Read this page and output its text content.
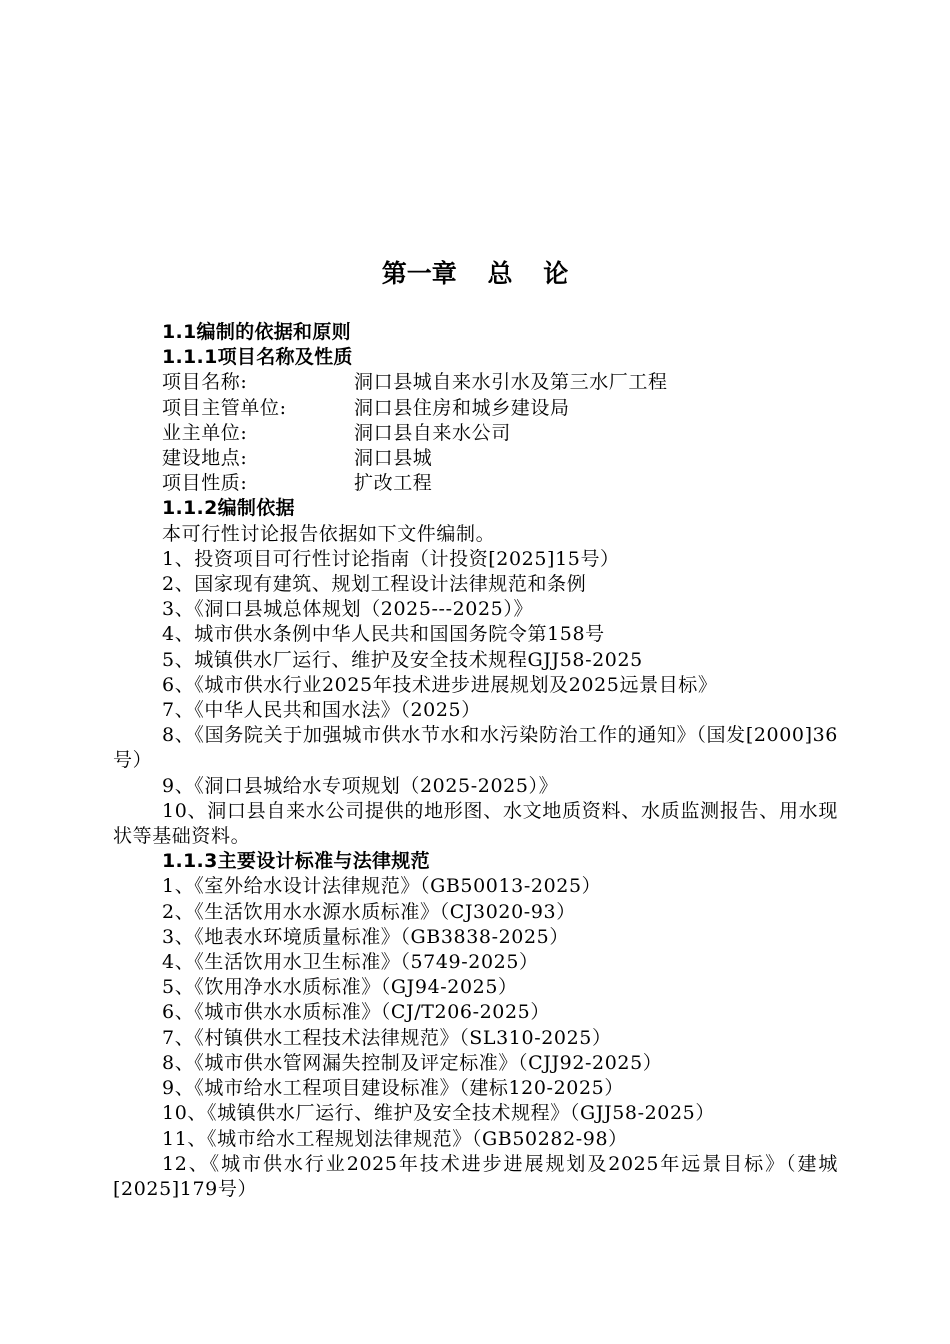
第一章 总 论

1.1编制的依据和原则

1.1.1项目名称及性质

项目名称:	洞口县城自来水引水及第三水厂工程

项目主管单位:	洞口县住房和城乡建设局

业主单位:	洞口县自来水公司

建设地点:	洞口县城

项目性质:	扩改工程

1.1.2编制依据

本可行性讨论报告依据如下文件编制。

1、投资项目可行性讨论指南（计投资[2025]15号）

2、国家现有建筑、规划工程设计法律规范和条例

3、《洞口县城总体规划（2025---2025）》

4、城市供水条例中华人民共和国国务院令第158号

5、城镇供水厂运行、维护及安全技术规程GJJ58-2025

6、《城市供水行业2025年技术进步进展规划及2025远景目标》

7、《中华人民共和国水法》（2025）

8、《国务院关于加强城市供水节水和水污染防治工作的通知》（国发[2000]36号）

9、《洞口县城给水专项规划（2025-2025）》

10、洞口县自来水公司提供的地形图、水文地质资料、水质监测报告、用水现状等基础资料。

1.1.3主要设计标准与法律规范

1、《室外给水设计法律规范》（GB50013-2025）

2、《生活饮用水水源水质标准》（CJ3020-93）

3、《地表水环境质量标准》（GB3838-2025）

4、《生活饮用水卫生标准》（5749-2025）

5、《饮用净水水质标准》（GJ94-2025）

6、《城市供水水质标准》（CJ/T206-2025）

7、《村镇供水工程技术法律规范》（SL310-2025）

8、《城市供水管网漏失控制及评定标准》（CJJ92-2025）

9、《城市给水工程项目建设标准》（建标120-2025）

10、《城镇供水厂运行、维护及安全技术规程》（GJJ58-2025）

11、《城市给水工程规划法律规范》（GB50282-98）

12、《城市供水行业2025年技术进步进展规划及2025年远景目标》（建城[2025]179号）
